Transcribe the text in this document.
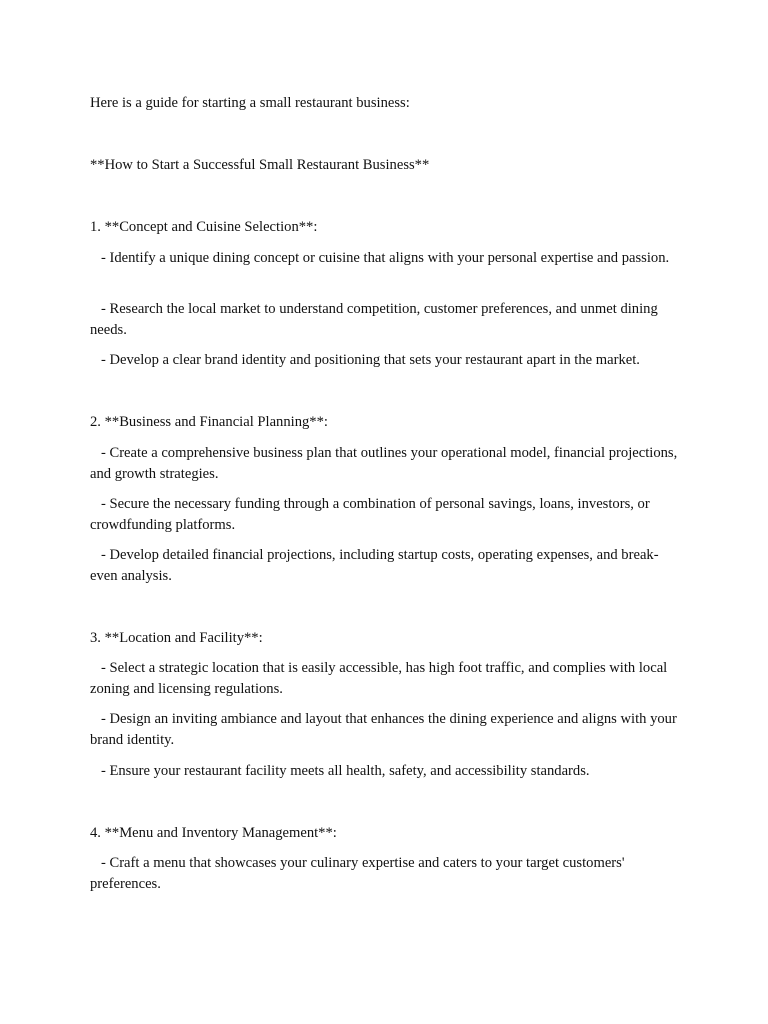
Here is a guide for starting a small restaurant business:

**How to Start a Successful Small Restaurant Business**

1. **Concept and Cuisine Selection**:

- Identify a unique dining concept or cuisine that aligns with your personal expertise and passion.

- Research the local market to understand competition, customer preferences, and unmet dining needs.

- Develop a clear brand identity and positioning that sets your restaurant apart in the market.

2. **Business and Financial Planning**:

- Create a comprehensive business plan that outlines your operational model, financial projections, and growth strategies.

- Secure the necessary funding through a combination of personal savings, loans, investors, or crowdfunding platforms.

- Develop detailed financial projections, including startup costs, operating expenses, and break-even analysis.

3. **Location and Facility**:

- Select a strategic location that is easily accessible, has high foot traffic, and complies with local zoning and licensing regulations.

- Design an inviting ambiance and layout that enhances the dining experience and aligns with your brand identity.

- Ensure your restaurant facility meets all health, safety, and accessibility standards.

4. **Menu and Inventory Management**:

- Craft a menu that showcases your culinary expertise and caters to your target customers' preferences.
